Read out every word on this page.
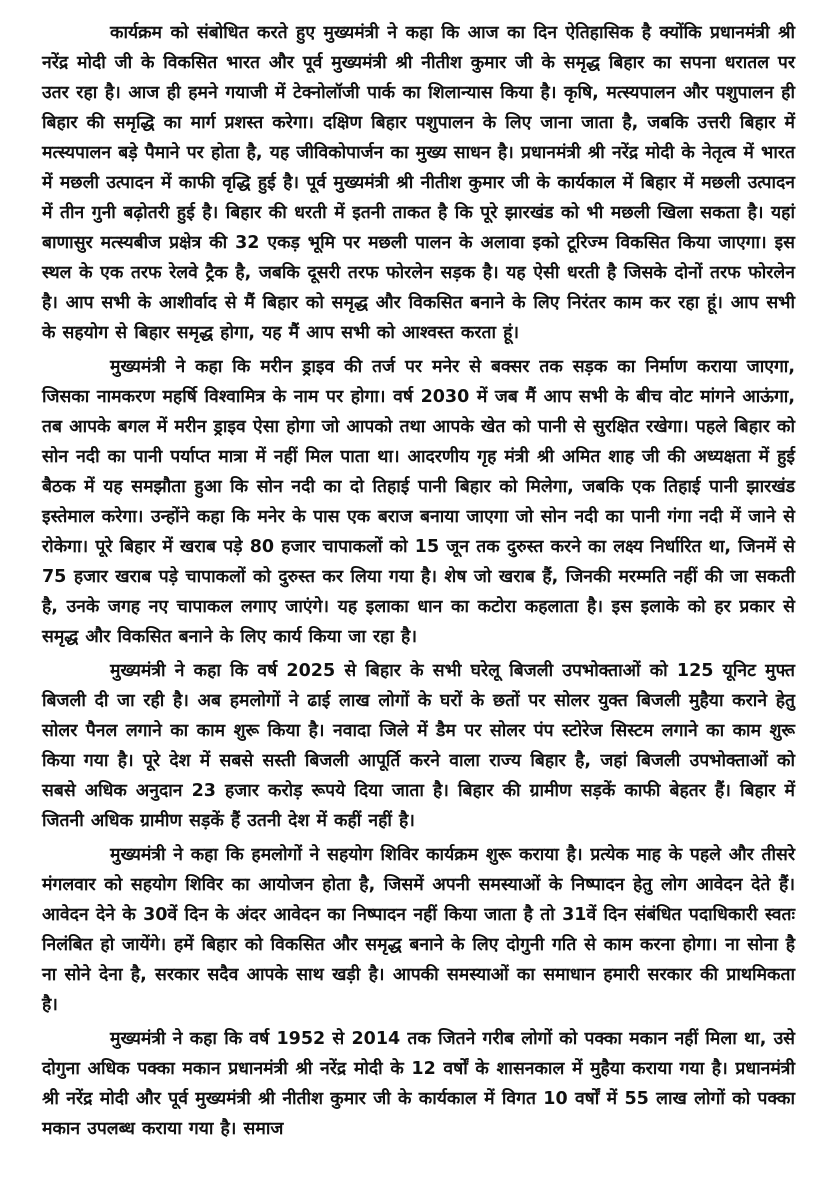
कार्यक्रम को संबोधित करते हुए मुख्यमंत्री ने कहा कि आज का दिन ऐतिहासिक है क्योंकि प्रधानमंत्री श्री नरेंद्र मोदी जी के विकसित भारत और पूर्व मुख्यमंत्री श्री नीतीश कुमार जी के समृद्ध बिहार का सपना धरातल पर उतर रहा है। आज ही हमने गयाजी में टेक्नोलॉजी पार्क का शिलान्यास किया है। कृषि, मत्स्यपालन और पशुपालन ही बिहार की समृद्धि का मार्ग प्रशस्त करेगा। दक्षिण बिहार पशुपालन के लिए जाना जाता है, जबकि उत्तरी बिहार में मत्स्यपालन बड़े पैमाने पर होता है, यह जीविकोपार्जन का मुख्य साधन है। प्रधानमंत्री श्री नरेंद्र मोदी के नेतृत्व में भारत में मछली उत्पादन में काफी वृद्धि हुई है। पूर्व मुख्यमंत्री श्री नीतीश कुमार जी के कार्यकाल में बिहार में मछली उत्पादन में तीन गुनी बढ़ोतरी हुई है। बिहार की धरती में इतनी ताकत है कि पूरे झारखंड को भी मछली खिला सकता है। यहां बाणासुर मत्स्यबीज प्रक्षेत्र की 32 एकड़ भूमि पर मछली पालन के अलावा इको टूरिज्म विकसित किया जाएगा। इस स्थल के एक तरफ रेलवे ट्रैक है, जबकि दूसरी तरफ फोरलेन सड़क है। यह ऐसी धरती है जिसके दोनों तरफ फोरलेन है। आप सभी के आशीर्वाद से मैं बिहार को समृद्ध और विकसित बनाने के लिए निरंतर काम कर रहा हूं। आप सभी के सहयोग से बिहार समृद्ध होगा, यह मैं आप सभी को आश्वस्त करता हूं।

मुख्यमंत्री ने कहा कि मरीन ड्राइव की तर्ज पर मनेर से बक्सर तक सड़क का निर्माण कराया जाएगा, जिसका नामकरण महर्षि विश्वामित्र के नाम पर होगा। वर्ष 2030 में जब मैं आप सभी के बीच वोट मांगने आऊंगा, तब आपके बगल में मरीन ड्राइव ऐसा होगा जो आपको तथा आपके खेत को पानी से सुरक्षित रखेगा। पहले बिहार को सोन नदी का पानी पर्याप्त मात्रा में नहीं मिल पाता था। आदरणीय गृह मंत्री श्री अमित शाह जी की अध्यक्षता में हुई बैठक में यह समझौता हुआ कि सोन नदी का दो तिहाई पानी बिहार को मिलेगा, जबकि एक तिहाई पानी झारखंड इस्तेमाल करेगा। उन्होंने कहा कि मनेर के पास एक बराज बनाया जाएगा जो सोन नदी का पानी गंगा नदी में जाने से रोकेगा। पूरे बिहार में खराब पड़े 80 हजार चापाकलों को 15 जून तक दुरुस्त करने का लक्ष्य निर्धारित था, जिनमें से 75 हजार खराब पड़े चापाकलों को दुरुस्त कर लिया गया है। शेष जो खराब हैं, जिनकी मरम्मति नहीं की जा सकती है, उनके जगह नए चापाकल लगाए जाएंगे। यह इलाका धान का कटोरा कहलाता है। इस इलाके को हर प्रकार से समृद्ध और विकसित बनाने के लिए कार्य किया जा रहा है।

मुख्यमंत्री ने कहा कि वर्ष 2025 से बिहार के सभी घरेलू बिजली उपभोक्ताओं को 125 यूनिट मुफ्त बिजली दी जा रही है। अब हमलोगों ने ढाई लाख लोगों के घरों के छतों पर सोलर युक्त बिजली मुहैया कराने हेतु सोलर पैनल लगाने का काम शुरू किया है। नवादा जिले में डैम पर सोलर पंप स्टोरेज सिस्टम लगाने का काम शुरू किया गया है। पूरे देश में सबसे सस्ती बिजली आपूर्ति करने वाला राज्य बिहार है, जहां बिजली उपभोक्ताओं को सबसे अधिक अनुदान 23 हजार करोड़ रूपये दिया जाता है। बिहार की ग्रामीण सड़कें काफी बेहतर हैं। बिहार में जितनी अधिक ग्रामीण सड़कें हैं उतनी देश में कहीं नहीं है।

मुख्यमंत्री ने कहा कि हमलोगों ने सहयोग शिविर कार्यक्रम शुरू कराया है। प्रत्येक माह के पहले और तीसरे मंगलवार को सहयोग शिविर का आयोजन होता है, जिसमें अपनी समस्याओं के निष्पादन हेतु लोग आवेदन देते हैं। आवेदन देने के 30वें दिन के अंदर आवेदन का निष्पादन नहीं किया जाता है तो 31वें दिन संबंधित पदाधिकारी स्वतः निलंबित हो जायेंगे। हमें बिहार को विकसित और समृद्ध बनाने के लिए दोगुनी गति से काम करना होगा। ना सोना है ना सोने देना है, सरकार सदैव आपके साथ खड़ी है। आपकी समस्याओं का समाधान हमारी सरकार की प्राथमिकता है।

मुख्यमंत्री ने कहा कि वर्ष 1952 से 2014 तक जितने गरीब लोगों को पक्का मकान नहीं मिला था, उसे दोगुना अधिक पक्का मकान प्रधानमंत्री श्री नरेंद्र मोदी के 12 वर्षों के शासनकाल में मुहैया कराया गया है। प्रधानमंत्री श्री नरेंद्र मोदी और पूर्व मुख्यमंत्री श्री नीतीश कुमार जी के कार्यकाल में विगत 10 वर्षों में 55 लाख लोगों को पक्का मकान उपलब्ध कराया गया है। समाज
